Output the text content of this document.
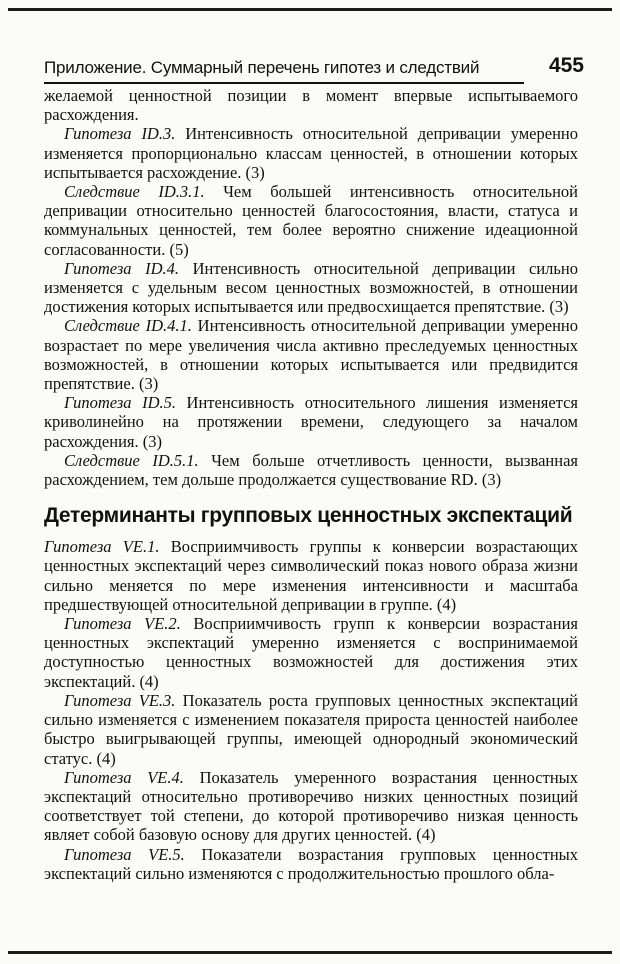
Приложение. Суммарный перечень гипотез и следствий	455

желаемой ценностной позиции в момент впервые испытываемого расхождения.

Гипотеза ID.3. Интенсивность относительной депривации умеренно изменяется пропорционально классам ценностей, в отношении которых испытывается расхождение. (3)

Следствие ID.3.1. Чем большей интенсивность относительной депривации относительно ценностей благосостояния, власти, статуса и коммунальных ценностей, тем более вероятно снижение идеационной согласованности. (5)

Гипотеза ID.4. Интенсивность относительной депривации сильно изменяется с удельным весом ценностных возможностей, в отношении достижения которых испытывается или предвосхищается препятствие. (3)

Следствие ID.4.1. Интенсивность относительной депривации умеренно возрастает по мере увеличения числа активно преследуемых ценностных возможностей, в отношении которых испытывается или предвидится препятствие. (3)

Гипотеза ID.5. Интенсивность относительного лишения изменяется криволинейно на протяжении времени, следующего за началом расхождения. (3)

Следствие ID.5.1. Чем больше отчетливость ценности, вызванная расхождением, тем дольше продолжается существование RD. (3)

Детерминанты групповых ценностных экспектаций

Гипотеза VE.1. Восприимчивость группы к конверсии возрастающих ценностных экспектаций через символический показ нового образа жизни сильно меняется по мере изменения интенсивности и масштаба предшествующей относительной депривации в группе. (4)

Гипотеза VE.2. Восприимчивость групп к конверсии возрастания ценностных экспектаций умеренно изменяется с воспринимаемой доступностью ценностных возможностей для достижения этих экспектаций. (4)

Гипотеза VE.3. Показатель роста групповых ценностных экспектаций сильно изменяется с изменением показателя прироста ценностей наиболее быстро выигрывающей группы, имеющей однородный экономический статус. (4)

Гипотеза VE.4. Показатель умеренного возрастания ценностных экспектаций относительно противоречиво низких ценностных позиций соответствует той степени, до которой противоречиво низкая ценность являет собой базовую основу для других ценностей. (4)

Гипотеза VE.5. Показатели возрастания групповых ценностных экспектаций сильно изменяются с продолжительностью прошлого обла-
